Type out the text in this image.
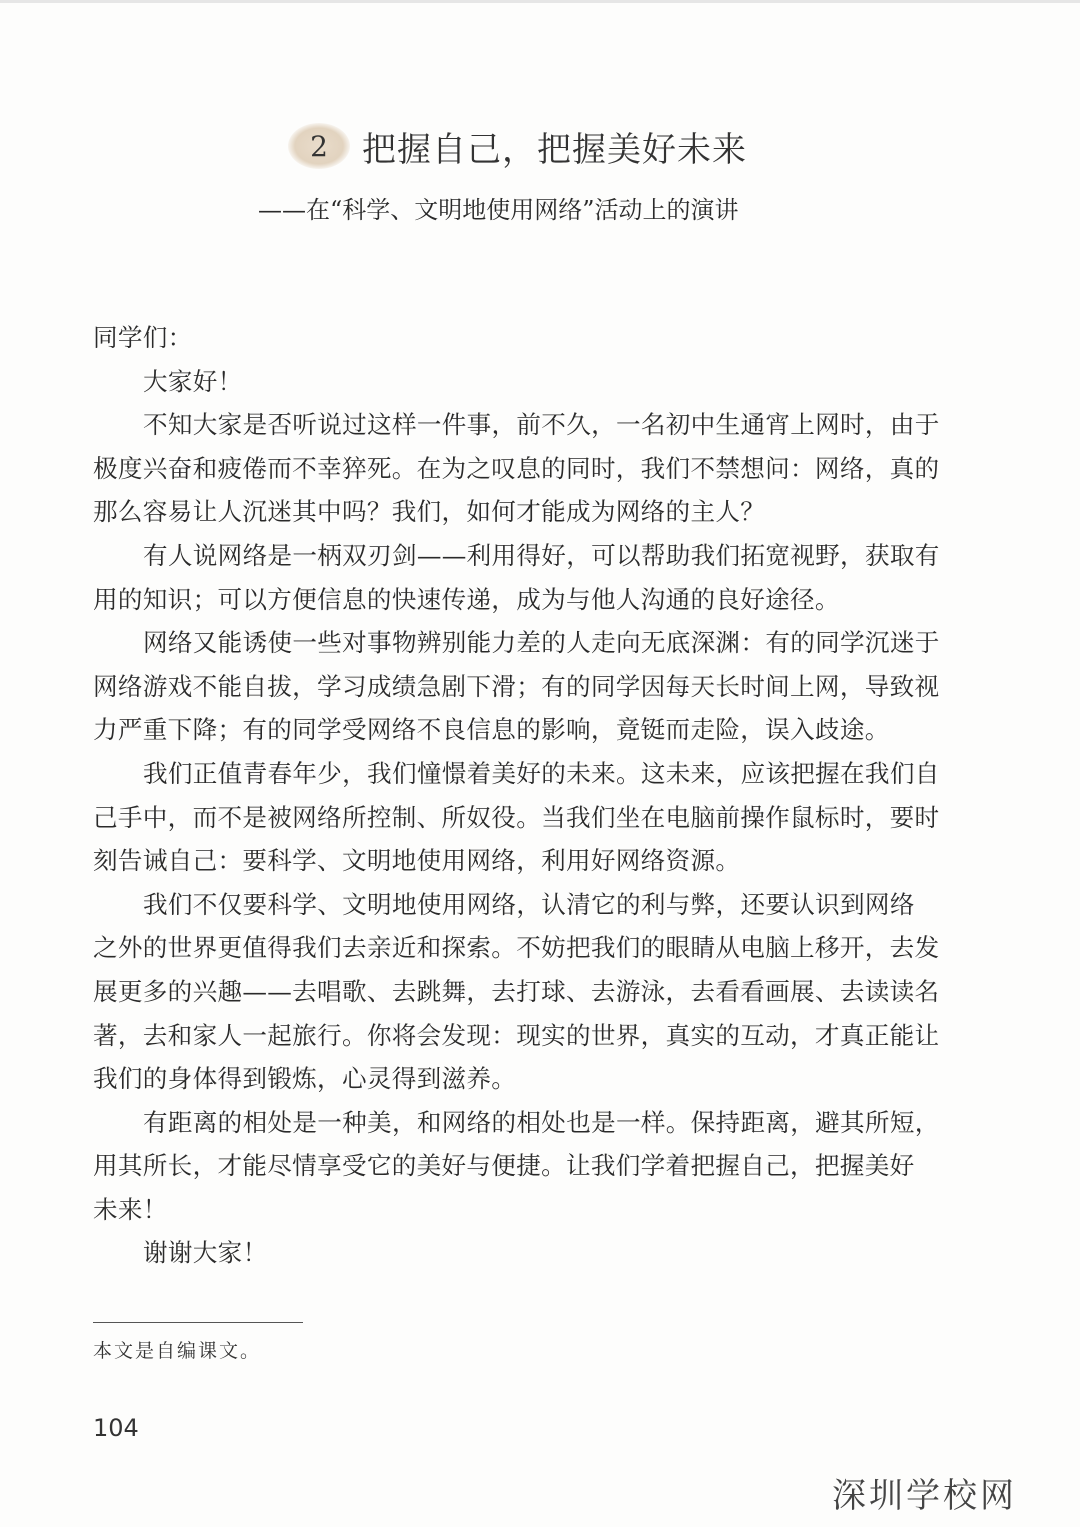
2 把握自己，把握美好未来
——在“科学、文明地使用网络”活动上的演讲
同学们：
大家好！
不知大家是否听说过这样一件事，前不久，一名初中生通宵上网时，由于
极度兴奋和疲倦而不幸猝死。在为之叹息的同时，我们不禁想问：网络，真的
那么容易让人沉迷其中吗？我们，如何才能成为网络的主人？
有人说网络是一柄双刃剑——利用得好，可以帮助我们拓宽视野，获取有
用的知识；可以方便信息的快速传递，成为与他人沟通的良好途径。
网络又能诱使一些对事物辨别能力差的人走向无底深渊：有的同学沉迷于
网络游戏不能自拔，学习成绩急剧下滑；有的同学因每天长时间上网，导致视
力严重下降；有的同学受网络不良信息的影响，竟铤而走险，误入歧途。
我们正值青春年少，我们憧憬着美好的未来。这未来，应该把握在我们自
己手中，而不是被网络所控制、所奴役。当我们坐在电脑前操作鼠标时，要时
刻告诫自己：要科学、文明地使用网络，利用好网络资源。
我们不仅要科学、文明地使用网络，认清它的利与弊，还要认识到网络
之外的世界更值得我们去亲近和探索。不妨把我们的眼睛从电脑上移开，去发
展更多的兴趣——去唱歌、去跳舞，去打球、去游泳，去看看画展、去读读名
著，去和家人一起旅行。你将会发现：现实的世界，真实的互动，才真正能让
我们的身体得到锻炼，心灵得到滋养。
有距离的相处是一种美，和网络的相处也是一样。保持距离，避其所短，
用其所长，才能尽情享受它的美好与便捷。让我们学着把握自己，把握美好
未来！
谢谢大家！
本文是自编课文。
104
深圳学校网
